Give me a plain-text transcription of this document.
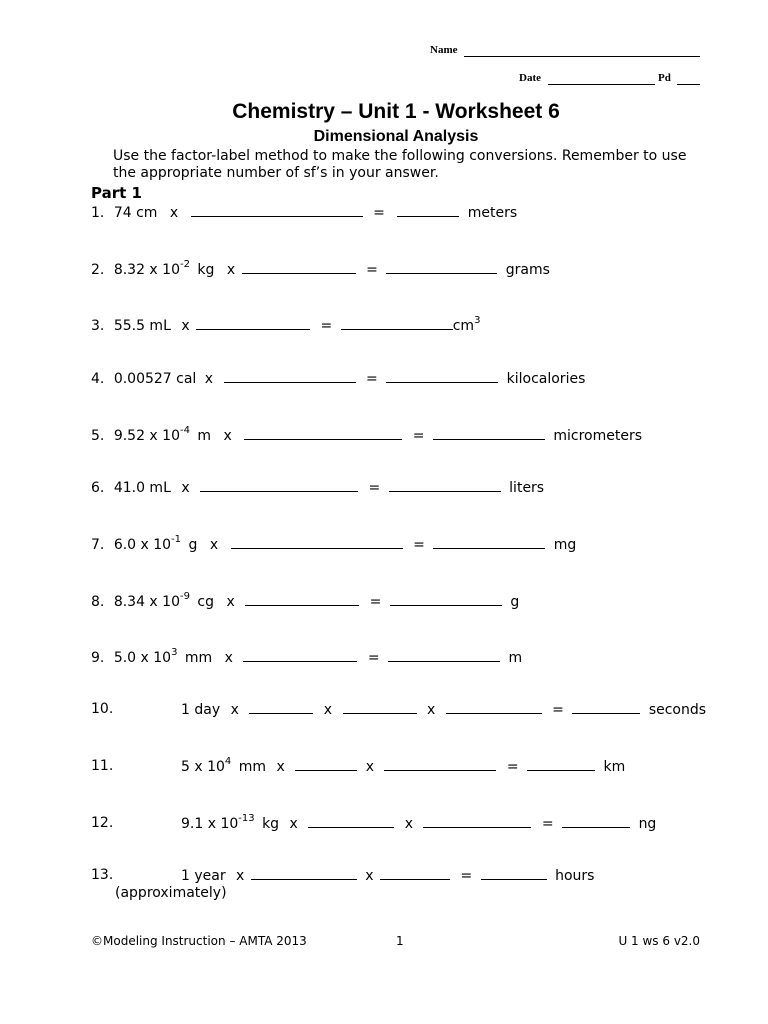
Name
Date	Pd
Chemistry – Unit 1 - Worksheet 6
Dimensional Analysis
Use the factor-label method to make the following conversions. Remember to use the appropriate number of sf’s in your answer.
Part 1
1. 74 cm x	=	meters
2. 8.32 x $10^{-2}$ kg x	=	grams
3. 55.5 mL x	=	$cm^3$
4. 0.00527 cal x	=	kilocalories
5. 9.52 x $10^{-4}$ m x	=	micrometers
6. 41.0 mL x	=	liters
7. 6.0 x $10^{-1}$ g x	=	mg
8. 8.34 x $10^{-9}$ cg x	=	g
9. 5.0 x $10^3$ mm x	=	m
10.	1 day x	x	x	=	seconds
11.	5 x $10^4$ mm x	x	=	km
12.	9.1 x $10^{-13}$ kg x	x	=	ng
13.	1 year x	x	=	hours
(approximately)
©Modeling Instruction – AMTA 2013	1	U 1 ws 6 v2.0
